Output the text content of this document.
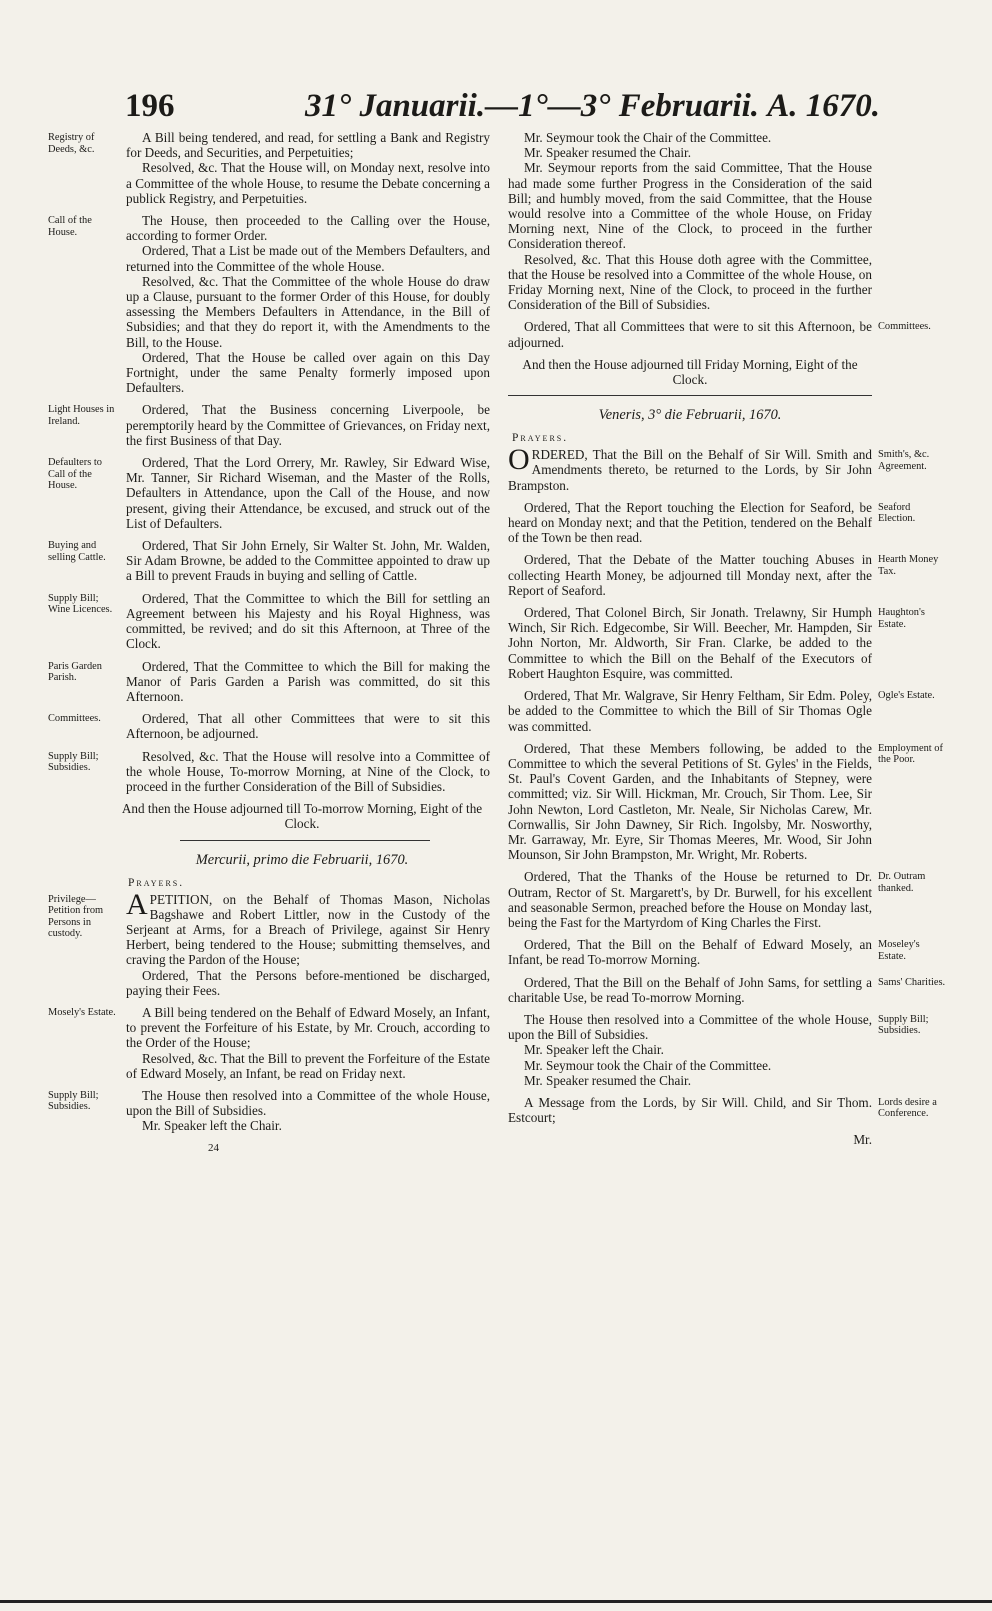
196	31° Januarii.—1°—3° Februarii. A. 1670.
Registry of Deeds, &c.

A Bill being tendered, and read, for settling a Bank and Registry for Deeds, and Securities, and Perpetuities;

Resolved, &c. That the House will, on Monday next, resolve into a Committee of the whole House, to resume the Debate concerning a publick Registry, and Perpetuities.

Call of the House.

The House, then proceeded to the Calling over the House, according to former Order.

Ordered, That a List be made out of the Members Defaulters, and returned into the Committee of the whole House.

Resolved, &c. That the Committee of the whole House do draw up a Clause, pursuant to the former Order of this House, for doubly assessing the Members Defaulters in Attendance, in the Bill of Subsidies; and that they do report it, with the Amendments to the Bill, to the House.

Ordered, That the House be called over again on this Day Fortnight, under the same Penalty formerly imposed upon Defaulters.

Light Houses in Ireland.

Ordered, That the Business concerning Liverpoole, be peremptorily heard by the Committee of Grievances, on Friday next, the first Business of that Day.

Defaulters to Call of the House.

Ordered, That the Lord Orrery, Mr. Rawley, Sir Edward Wise, Mr. Tanner, Sir Richard Wiseman, and the Master of the Rolls, Defaulters in Attendance, upon the Call of the House, and now present, giving their Attendance, be excused, and struck out of the List of Defaulters.

Buying and selling Cattle.

Ordered, That Sir John Ernely, Sir Walter St. John, Mr. Walden, Sir Adam Browne, be added to the Committee appointed to draw up a Bill to prevent Frauds in buying and selling of Cattle.

Supply Bill; Wine Licences.

Ordered, That the Committee to which the Bill for settling an Agreement between his Majesty and his Royal Highness, was committed, be revived; and do sit this Afternoon, at Three of the Clock.

Paris Garden Parish.

Ordered, That the Committee to which the Bill for making the Manor of Paris Garden a Parish was committed, do sit this Afternoon.

Committees.	Ordered, That all other Committees that were to sit this Afternoon, be adjourned.

Supply Bill; Subsidies.

Resolved, &c. That the House will resolve into a Committee of the whole House, To-morrow Morning, at Nine of the Clock, to proceed in the further Consideration of the Bill of Subsidies.

And then the House adjourned till To-morrow Morning, Eight of the Clock.

Mercurii, primo die Februarii, 1670.
Prayers.
Privilege—Petition from Persons in custody.

APETITION, on the Behalf of Thomas Mason, Nicholas Bagshawe and Robert Littler, now in the Custody of the Serjeant at Arms, for a Breach of Privilege, against Sir Henry Herbert, being tendered to the House; submitting themselves, and craving the Pardon of the House;

Ordered, That the Persons before-mentioned be discharged, paying their Fees.

Mosely's Estate.	A Bill being tendered on the Behalf of Edward Mosely, an Infant, to prevent the Forfeiture of his Estate, by Mr. Crouch, according to the Order of the House;

Resolved, &c. That the Bill to prevent the Forfeiture of the Estate of Edward Mosely, an Infant, be read on Friday next.

Supply Bill; Subsidies.

The House then resolved into a Committee of the whole House, upon the Bill of Subsidies.

Mr. Speaker left the Chair.

24

Mr. Seymour took the Chair of the Committee.

Mr. Speaker resumed the Chair.

Mr. Seymour reports from the said Committee, That the House had made some further Progress in the Consideration of the said Bill; and humbly moved, from the said Committee, that the House would resolve into a Committee of the whole House, on Friday Morning next, Nine of the Clock, to proceed in the further Consideration thereof.

Resolved, &c. That this House doth agree with the Committee, that the House be resolved into a Committee of the whole House, on Friday Morning next, Nine of the Clock, to proceed in the further Consideration of the Bill of Subsidies.

Committees.

Ordered, That all Committees that were to sit this Afternoon, be adjourned.

And then the House adjourned till Friday Morning, Eight of the Clock.

Veneris, 3° die Februarii, 1670.
Prayers.
Smith's, &c. Agreement.

ORDERED, That the Bill on the Behalf of Sir Will. Smith and Amendments thereto, be returned to the Lords, by Sir John Brampston.

Seaford Election.

Ordered, That the Report touching the Election for Seaford, be heard on Monday next; and that the Petition, tendered on the Behalf of the Town be then read.

Hearth Money Tax.

Ordered, That the Debate of the Matter touching Abuses in collecting Hearth Money, be adjourned till Monday next, after the Report of Seaford.

Haughton's Estate.

Ordered, That Colonel Birch, Sir Jonath. Trelawny, Sir Humph Winch, Sir Rich. Edgecombe, Sir Will. Beecher, Mr. Hampden, Sir John Norton, Mr. Aldworth, Sir Fran. Clarke, be added to the Committee to which the Bill on the Behalf of the Executors of Robert Haughton Esquire, was committed.

Ogle's Estate.

Ordered, That Mr. Walgrave, Sir Henry Feltham, Sir Edm. Poley, be added to the Committee to which the Bill of Sir Thomas Ogle was committed.

Employment of the Poor.

Ordered, That these Members following, be added to the Committee to which the several Petitions of St. Gyles' in the Fields, St. Paul's Covent Garden, and the Inhabitants of Stepney, were committed; viz. Sir Will. Hickman, Mr. Crouch, Sir Thom. Lee, Sir John Newton, Lord Castleton, Mr. Neale, Sir Nicholas Carew, Mr. Cornwallis, Sir John Dawney, Sir Rich. Ingolsby, Mr. Nosworthy, Mr. Garraway, Mr. Eyre, Sir Thomas Meeres, Mr. Wood, Sir John Mounson, Sir John Brampston, Mr. Wright, Mr. Roberts.

Dr. Outram thanked.

Ordered, That the Thanks of the House be returned to Dr. Outram, Rector of St. Margarett's, by Dr. Burwell, for his excellent and seasonable Sermon, preached before the House on Monday last, being the Fast for the Martyrdom of King Charles the First.

Moseley's Estate.

Ordered, That the Bill on the Behalf of Edward Mosely, an Infant, be read To-morrow Morning.

Sams' Charities.

Ordered, That the Bill on the Behalf of John Sams, for settling a charitable Use, be read To-morrow Morning.

Supply Bill; Subsidies.

The House then resolved into a Committee of the whole House, upon the Bill of Subsidies.

Mr. Speaker left the Chair.

Mr. Seymour took the Chair of the Committee.

Mr. Speaker resumed the Chair.

Lords desire a Conference.

A Message from the Lords, by Sir Will. Child, and Sir Thom. Estcourt;

Mr.
